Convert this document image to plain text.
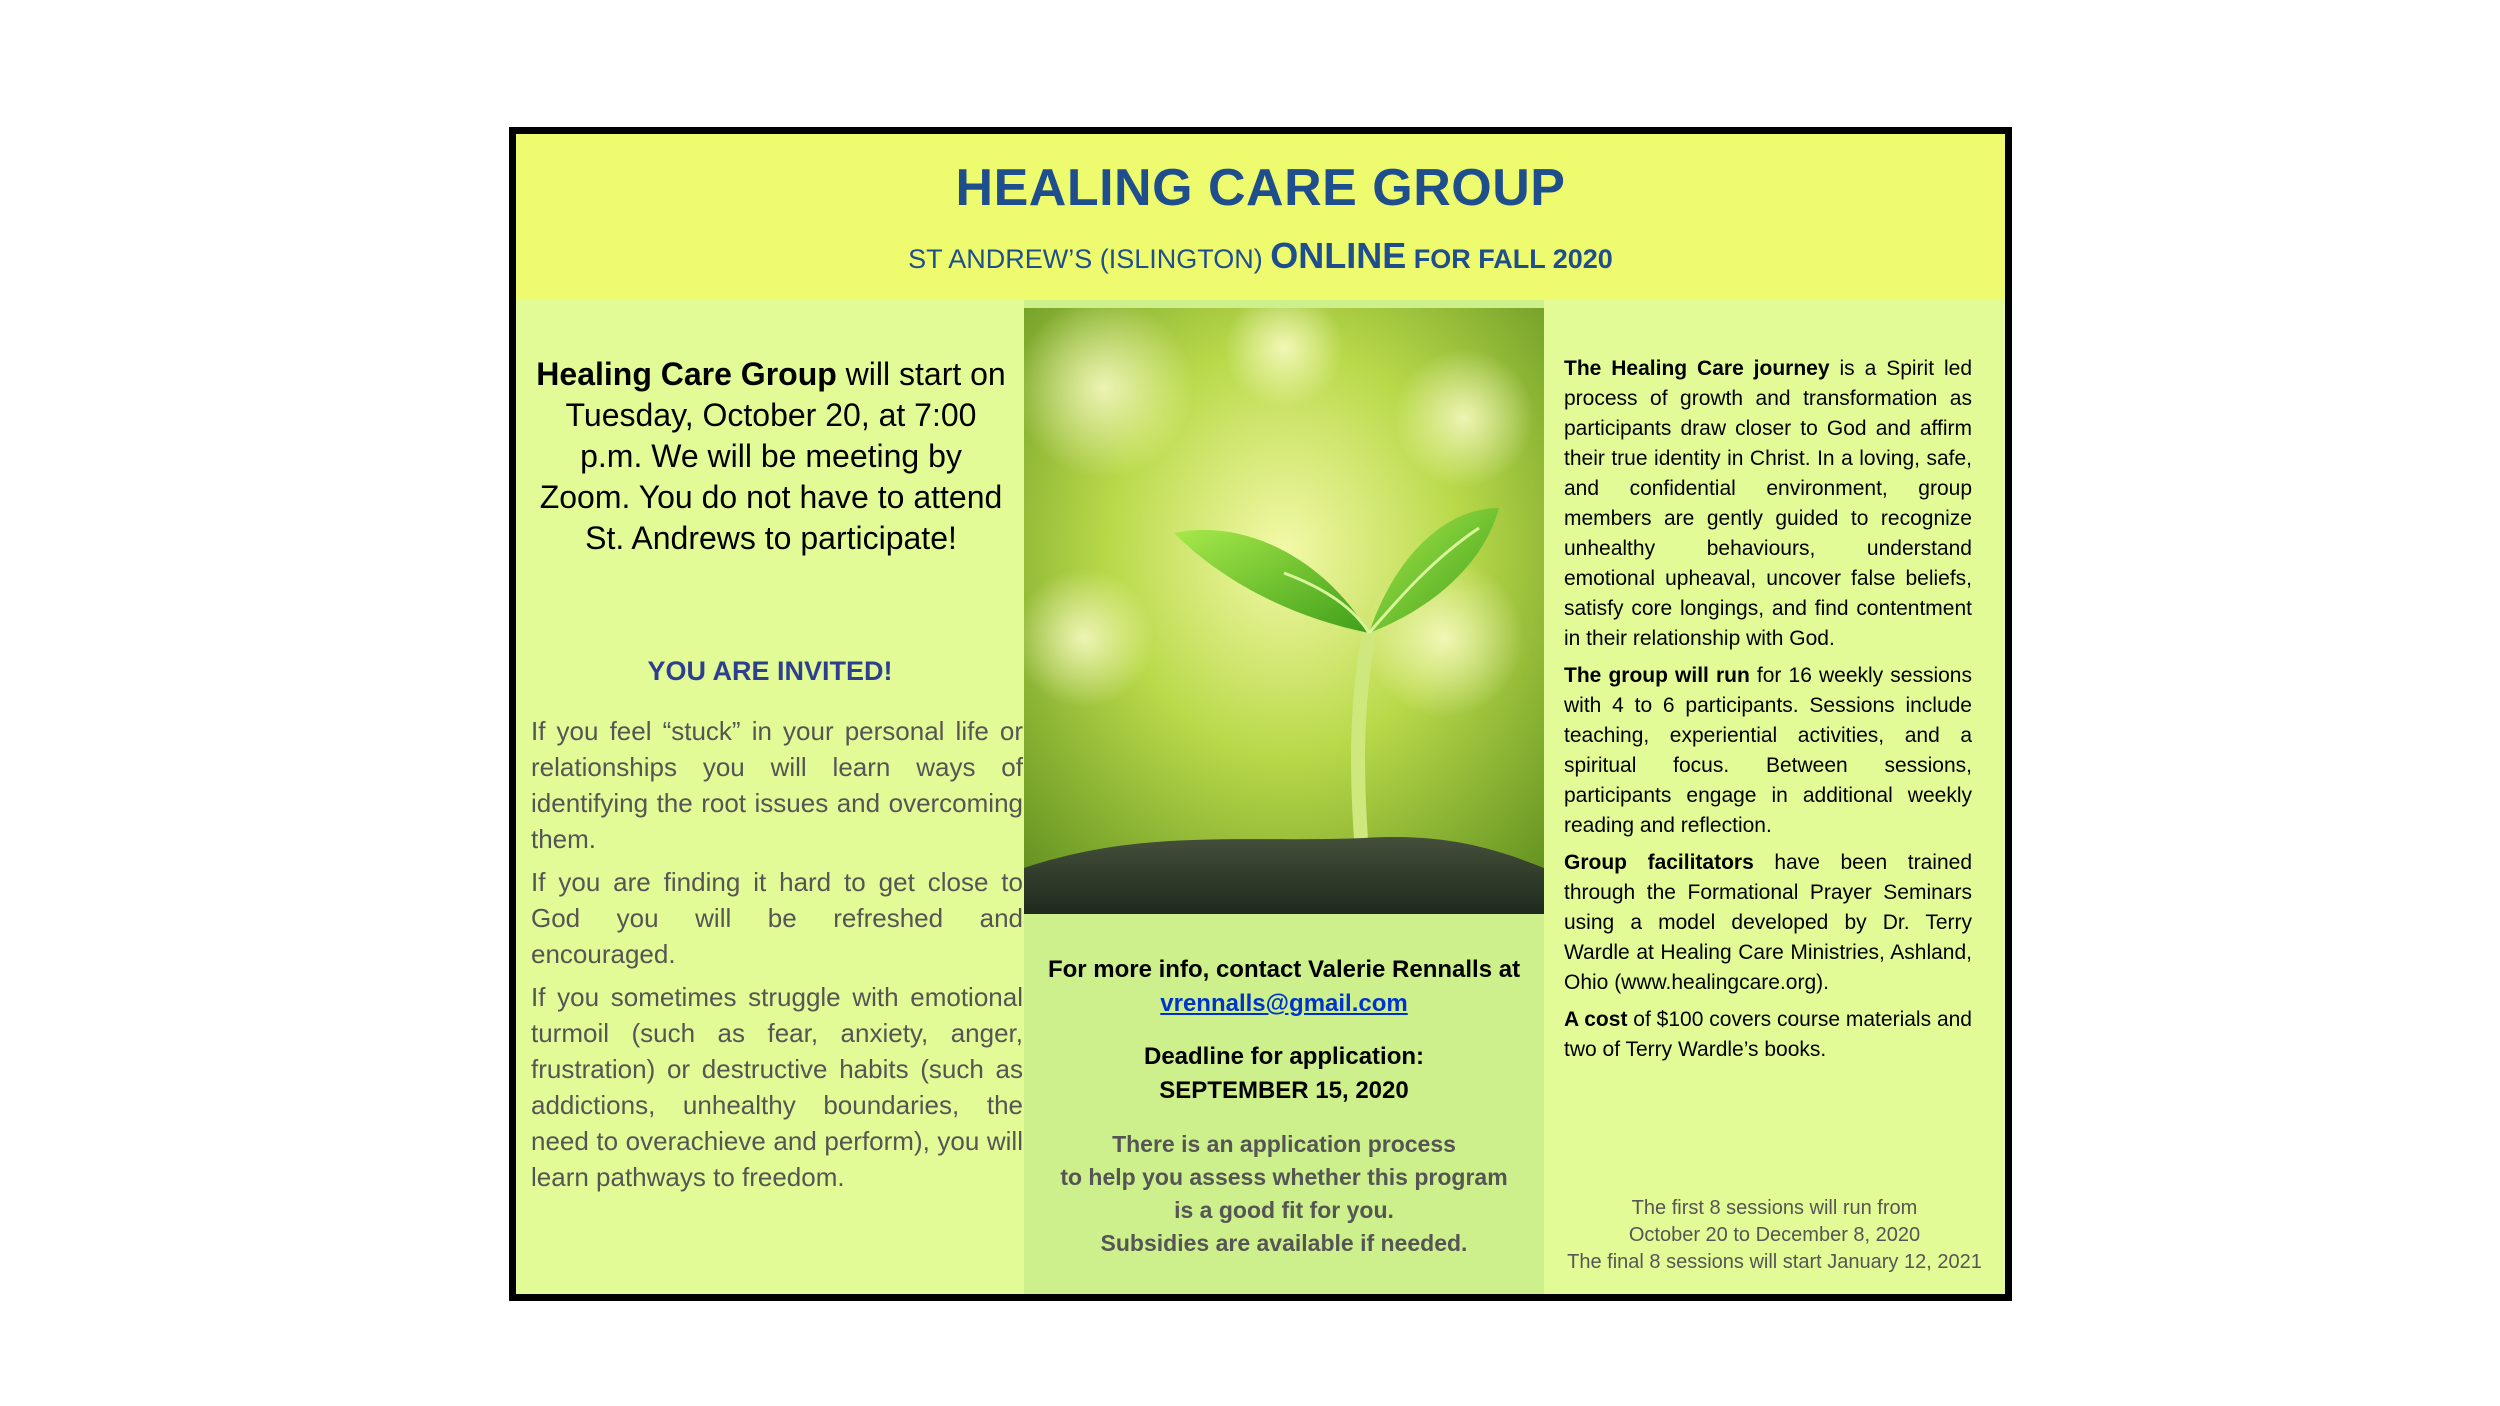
HEALING CARE GROUP
ST ANDREW’S (ISLINGTON) ONLINE FOR FALL 2020
Healing Care Group will start on Tuesday, October 20, at 7:00 p.m. We will be meeting by Zoom. You do not have to attend St. Andrews to participate!
YOU ARE INVITED!

If you feel “stuck” in your personal life or relationships you will learn ways of identifying the root issues and overcoming them.

If you are finding it hard to get close to God you will be refreshed and encouraged.

If you sometimes struggle with emotional turmoil (such as fear, anxiety, anger, frustration) or destructive habits (such as addictions, unhealthy boundaries, the need to overachieve and perform), you will learn pathways to freedom.

For more info, contact Valerie Rennalls at
vrennalls@gmail.com
Deadline for application:
SEPTEMBER 15, 2020
There is an application process
to help you assess whether this program
is a good fit for you.
Subsidies are available if needed.

The Healing Care journey is a Spirit led process of growth and transformation as participants draw closer to God and affirm their true identity in Christ. In a loving, safe, and confidential environment, group members are gently guided to recognize unhealthy behaviours, understand emotional upheaval, uncover false beliefs, satisfy core longings, and find contentment in their relationship with God.

The group will run for 16 weekly sessions with 4 to 6 participants. Sessions include teaching, experiential activities, and a spiritual focus. Between sessions, participants engage in additional weekly reading and reflection.

Group facilitators have been trained through the Formational Prayer Seminars using a model developed by Dr. Terry Wardle at Healing Care Ministries, Ashland, Ohio (www.healingcare.org).

A cost of $100 covers course materials and two of Terry Wardle’s books.

The first 8 sessions will run from
October 20 to December 8, 2020
The final 8 sessions will start January 12, 2021
